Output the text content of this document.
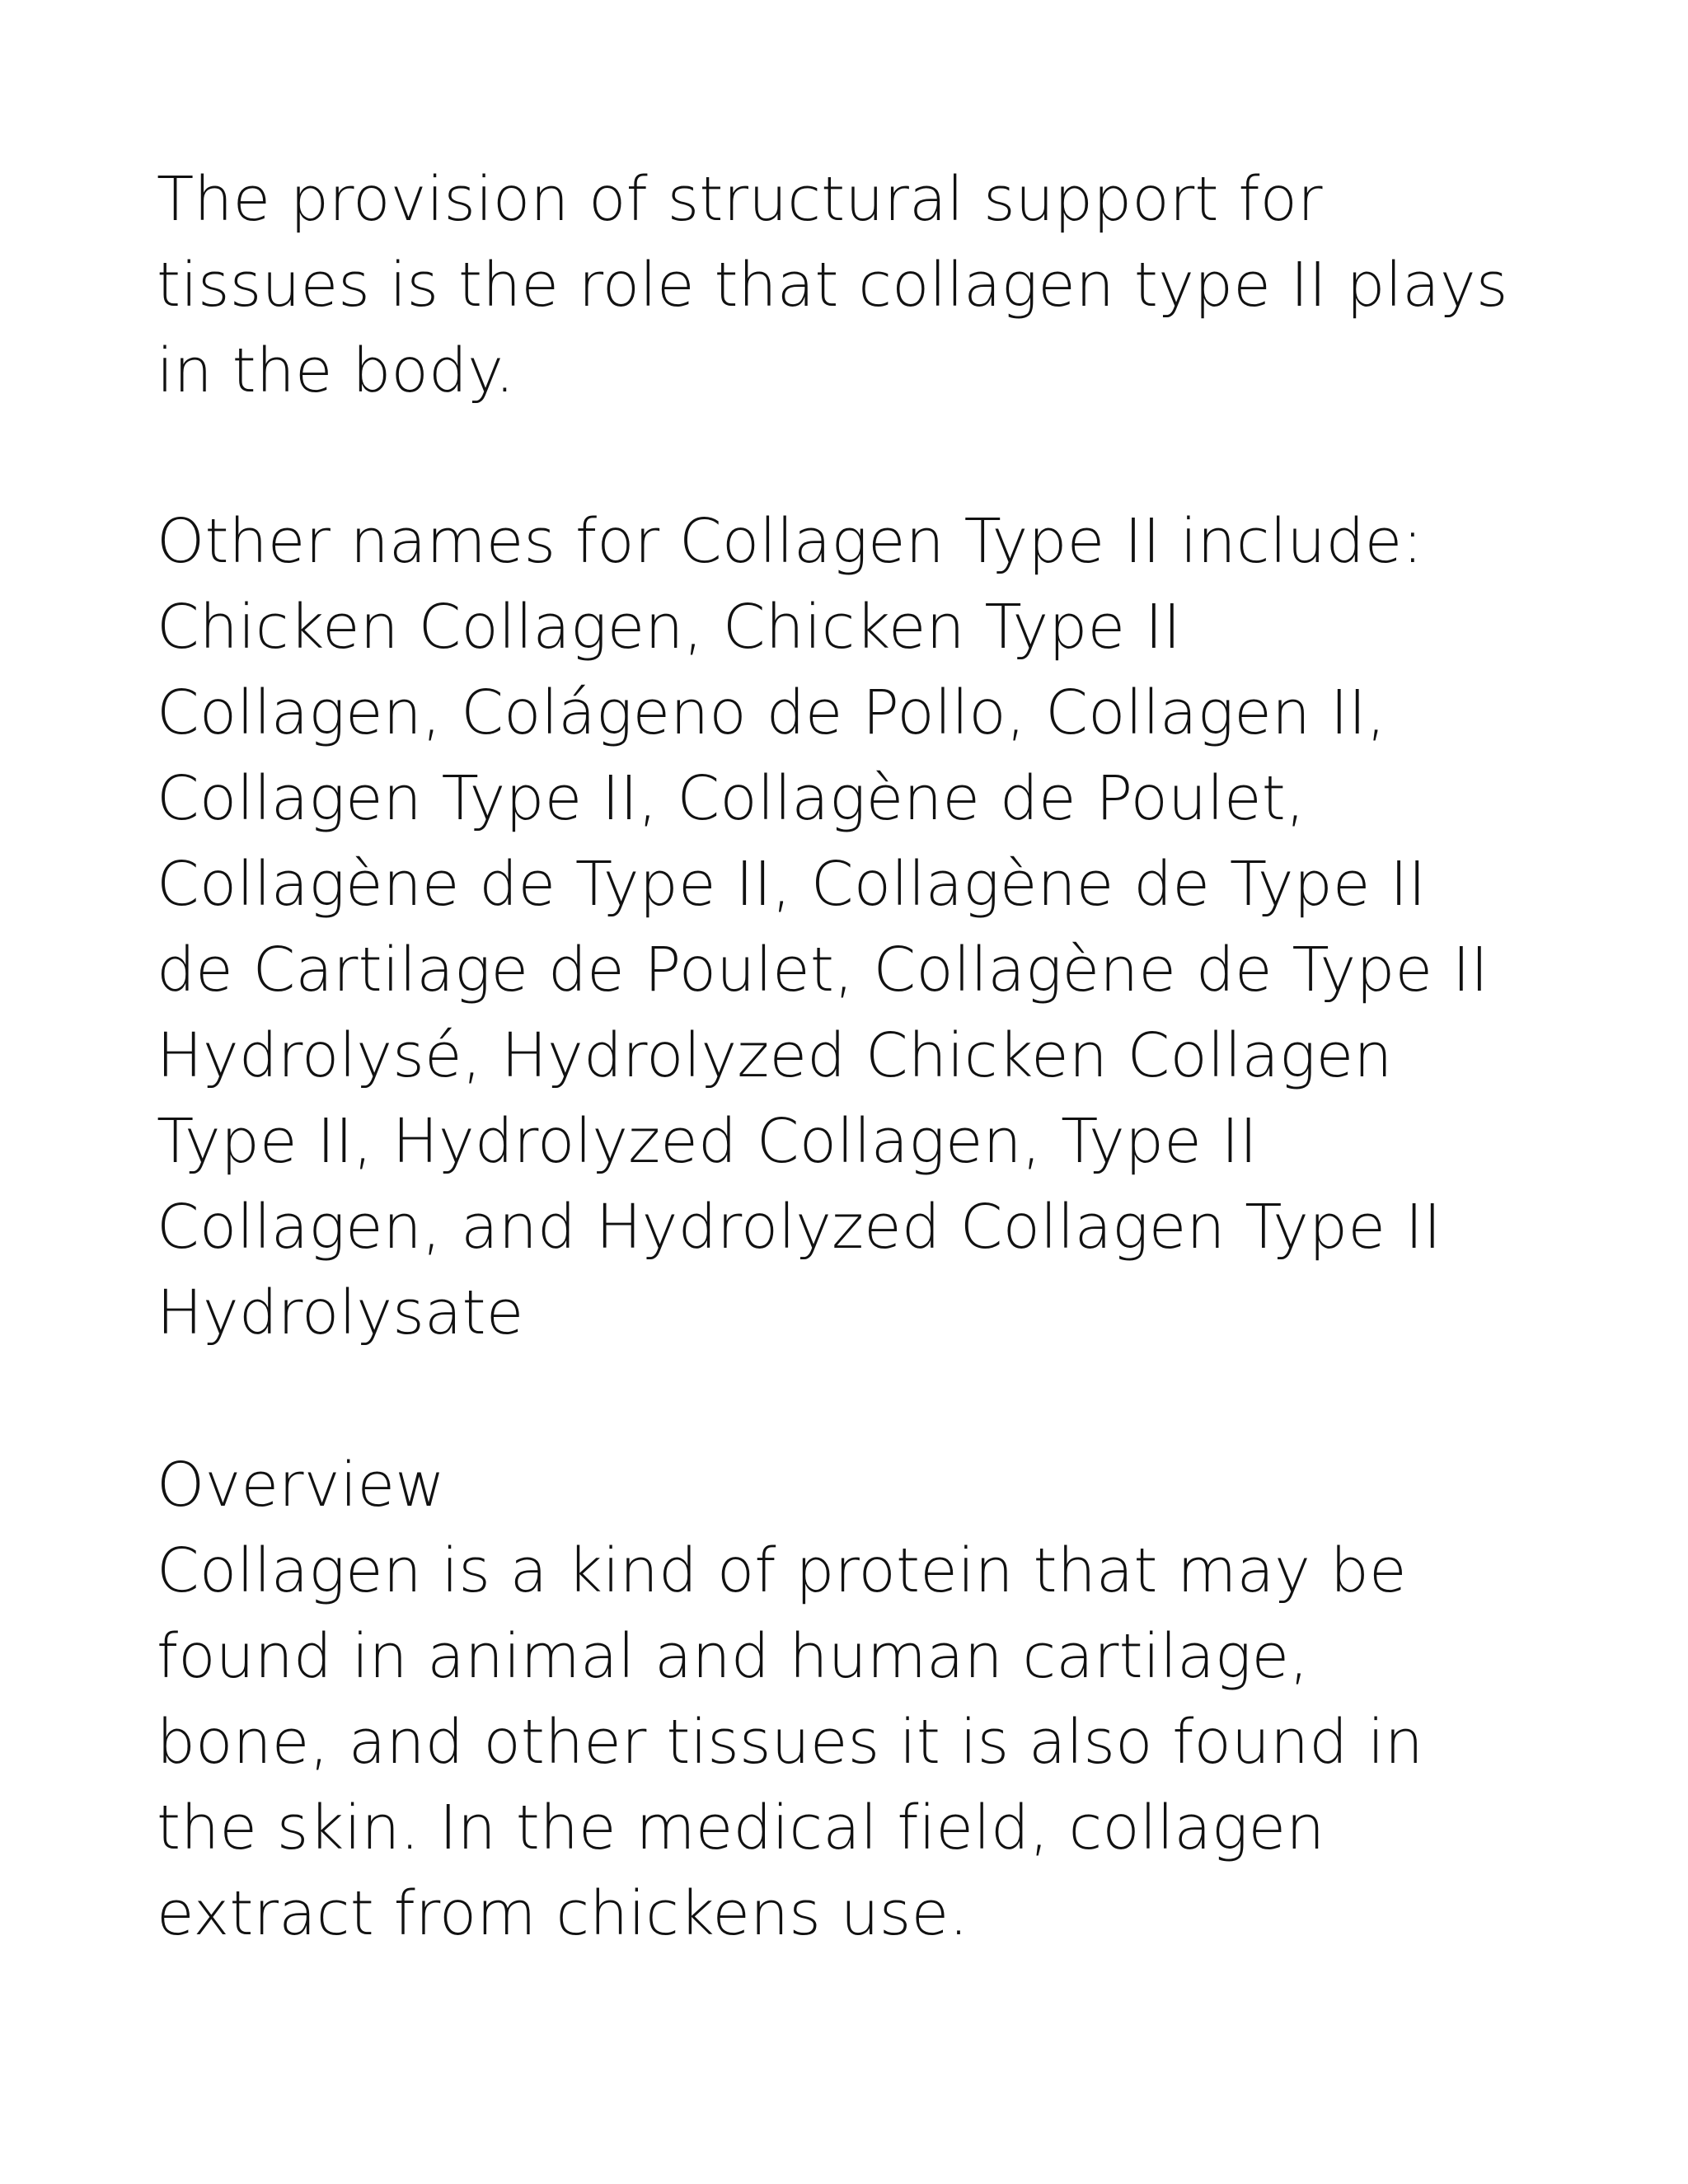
The provision of structural support for
tissues is the role that collagen type II plays
in the body.
Other names for Collagen Type II include:
Chicken Collagen, Chicken Type II
Collagen, Colágeno de Pollo, Collagen II,
Collagen Type II, Collagène de Poulet,
Collagène de Type II, Collagène de Type II
de Cartilage de Poulet, Collagène de Type II
Hydrolysé, Hydrolyzed Chicken Collagen
Type II, Hydrolyzed Collagen, Type II
Collagen, and Hydrolyzed Collagen Type II
Hydrolysate
Overview
Collagen is a kind of protein that may be
found in animal and human cartilage,
bone, and other tissues it is also found in
the skin. In the medical field, collagen
extract from chickens use.
